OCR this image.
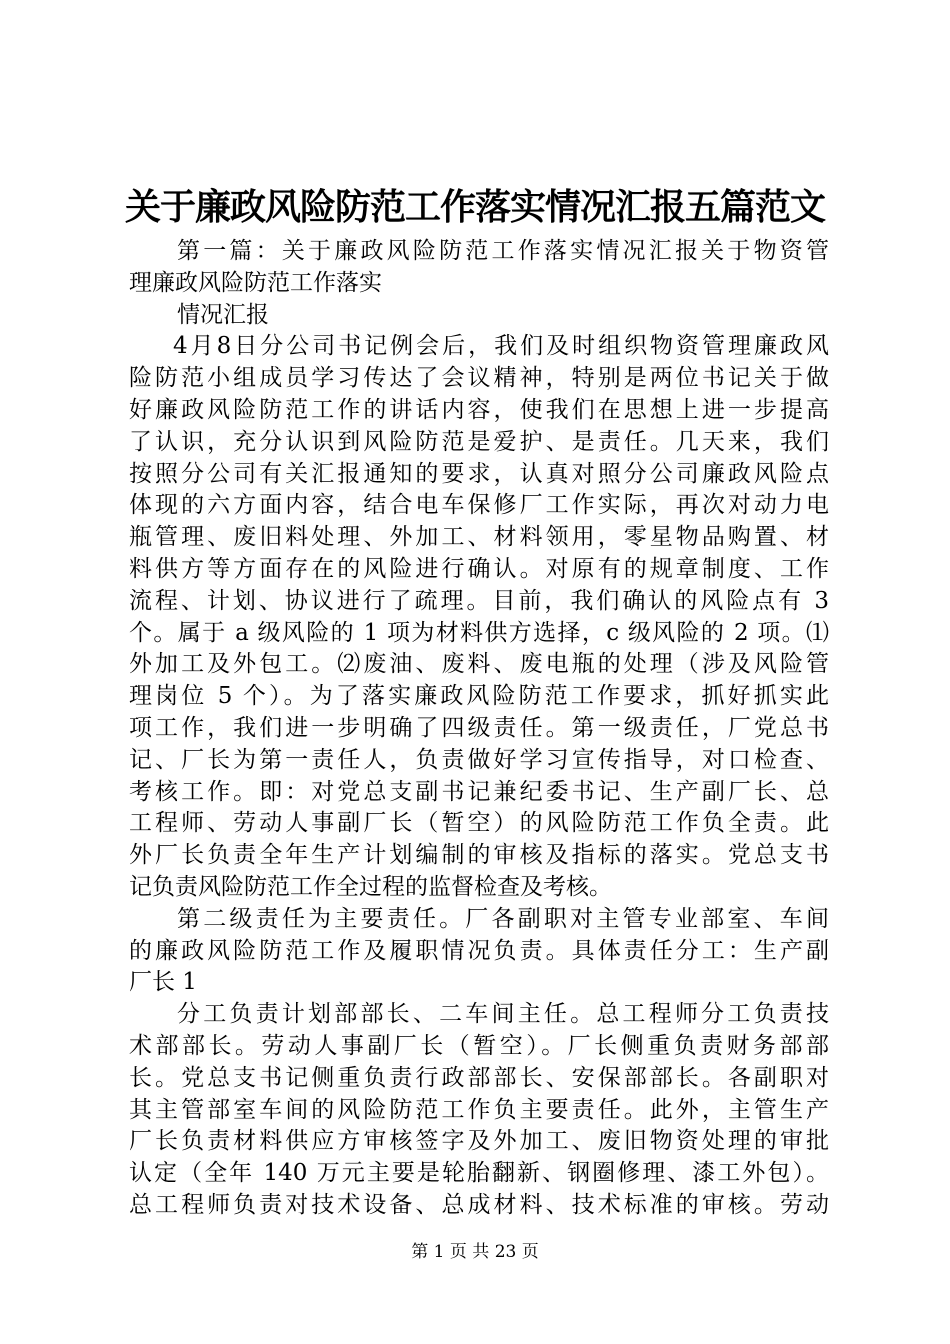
关于廉政风险防范工作落实情况汇报五篇范文
第一篇：关于廉政风险防范工作落实情况汇报关于物资管
理廉政风险防范工作落实
情况汇报
4月8日分公司书记例会后，我们及时组织物资管理廉政风
险防范小组成员学习传达了会议精神，特别是两位书记关于做
好廉政风险防范工作的讲话内容，使我们在思想上进一步提高
了认识，充分认识到风险防范是爱护、是责任。几天来，我们
按照分公司有关汇报通知的要求，认真对照分公司廉政风险点
体现的六方面内容，结合电车保修厂工作实际，再次对动力电
瓶管理、废旧料处理、外加工、材料领用，零星物品购置、材
料供方等方面存在的风险进行确认。对原有的规章制度、工作
流程、计划、协议进行了疏理。目前，我们确认的风险点有 3
个。属于 a 级风险的 1 项为材料供方选择，c 级风险的 2 项。⑴
外加工及外包工。⑵废油、废料、废电瓶的处理（涉及风险管
理岗位 5 个）。为了落实廉政风险防范工作要求，抓好抓实此
项工作，我们进一步明确了四级责任。第一级责任，厂党总书
记、厂长为第一责任人，负责做好学习宣传指导，对口检查、
考核工作。即：对党总支副书记兼纪委书记、生产副厂长、总
工程师、劳动人事副厂长（暂空）的风险防范工作负全责。此
外厂长负责全年生产计划编制的审核及指标的落实。党总支书
记负责风险防范工作全过程的监督检查及考核。
第二级责任为主要责任。厂各副职对主管专业部室、车间
的廉政风险防范工作及履职情况负责。具体责任分工：生产副
厂长 1
分工负责计划部部长、二车间主任。总工程师分工负责技
术部部长。劳动人事副厂长（暂空）。厂长侧重负责财务部部
长。党总支书记侧重负责行政部部长、安保部部长。各副职对
其主管部室车间的风险防范工作负主要责任。此外，主管生产
厂长负责材料供应方审核签字及外加工、废旧物资处理的审批
认定（全年 140 万元主要是轮胎翻新、钢圈修理、漆工外包）。
总工程师负责对技术设备、总成材料、技术标准的审核。劳动
第 1 页 共 23 页
